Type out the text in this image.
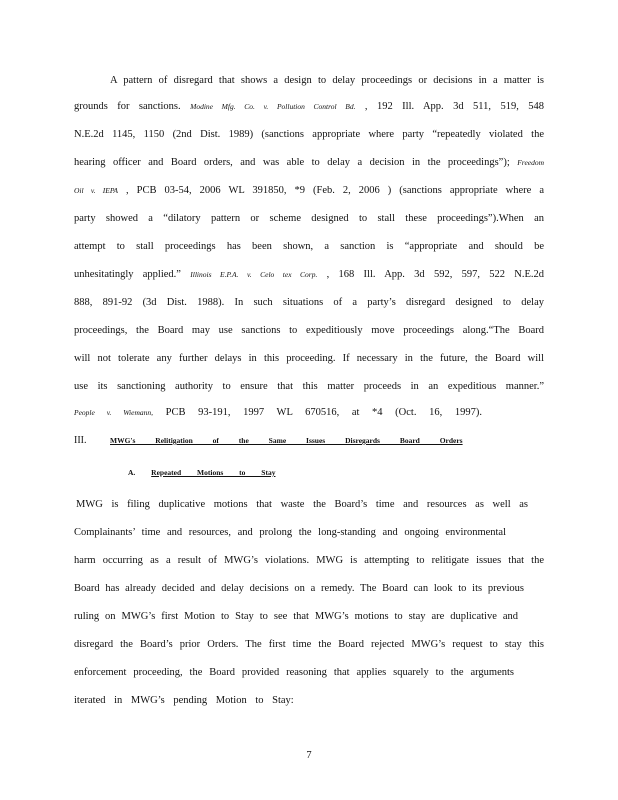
A pattern of disregard that shows a design to delay proceedings or decisions in a matter is
grounds for sanctions. Modine Mfg. Co. v. Pollution Control Bd. , 192 Ill. App. 3d 511, 519, 548
N.E.2d 1145, 1150 (2nd Dist. 1989) (sanctions appropriate where party “repeatedly violated the
hearing officer and Board orders, and was able to delay a decision in the proceedings”); Freedom
Oil v. IEPA , PCB 03-54, 2006 WL 391850, *9 (Feb. 2, 2006 ) (sanctions appropriate where a
party showed a “dilatory pattern or scheme designed to stall these proceedings”).When an
attempt to stall proceedings has been shown, a sanction is “appropriate and should be
unhesitatingly applied.” Illinois E.P.A. v. Celo tex Corp. , 168 Ill. App. 3d 592, 597, 522 N.E.2d
888, 891-92 (3d Dist. 1988). In such situations of a party’s disregard designed to delay
proceedings, the Board may use sanctions to expeditiously move proceedings along.“The Board
will not tolerate any further delays in this proceeding. If necessary in the future, the Board will
use its sanctioning authority to ensure that this matter proceeds in an expeditious manner.”
People v. Wiemann, PCB 93-191, 1997 WL 670516, at *4 (Oct. 16, 1997).
III.	MWG's Relitigation of the Same Issues Disregards Board Orders
A. Repeated Motions to Stay
MWG is filing duplicative motions that waste the Board’s time and resources as well as
Complainants’ time and resources, and prolong the long-standing and ongoing environmental
harm occurring as a result of MWG’s violations. MWG is attempting to relitigate issues that the
Board has already decided and delay decisions on a remedy. The Board can look to its previous
ruling on MWG’s first Motion to Stay to see that MWG’s motions to stay are duplicative and
disregard the Board’s prior Orders. The first time the Board rejected MWG’s request to stay this
enforcement proceeding, the Board provided reasoning that applies squarely to the arguments
iterated in MWG’s pending Motion to Stay:
7
